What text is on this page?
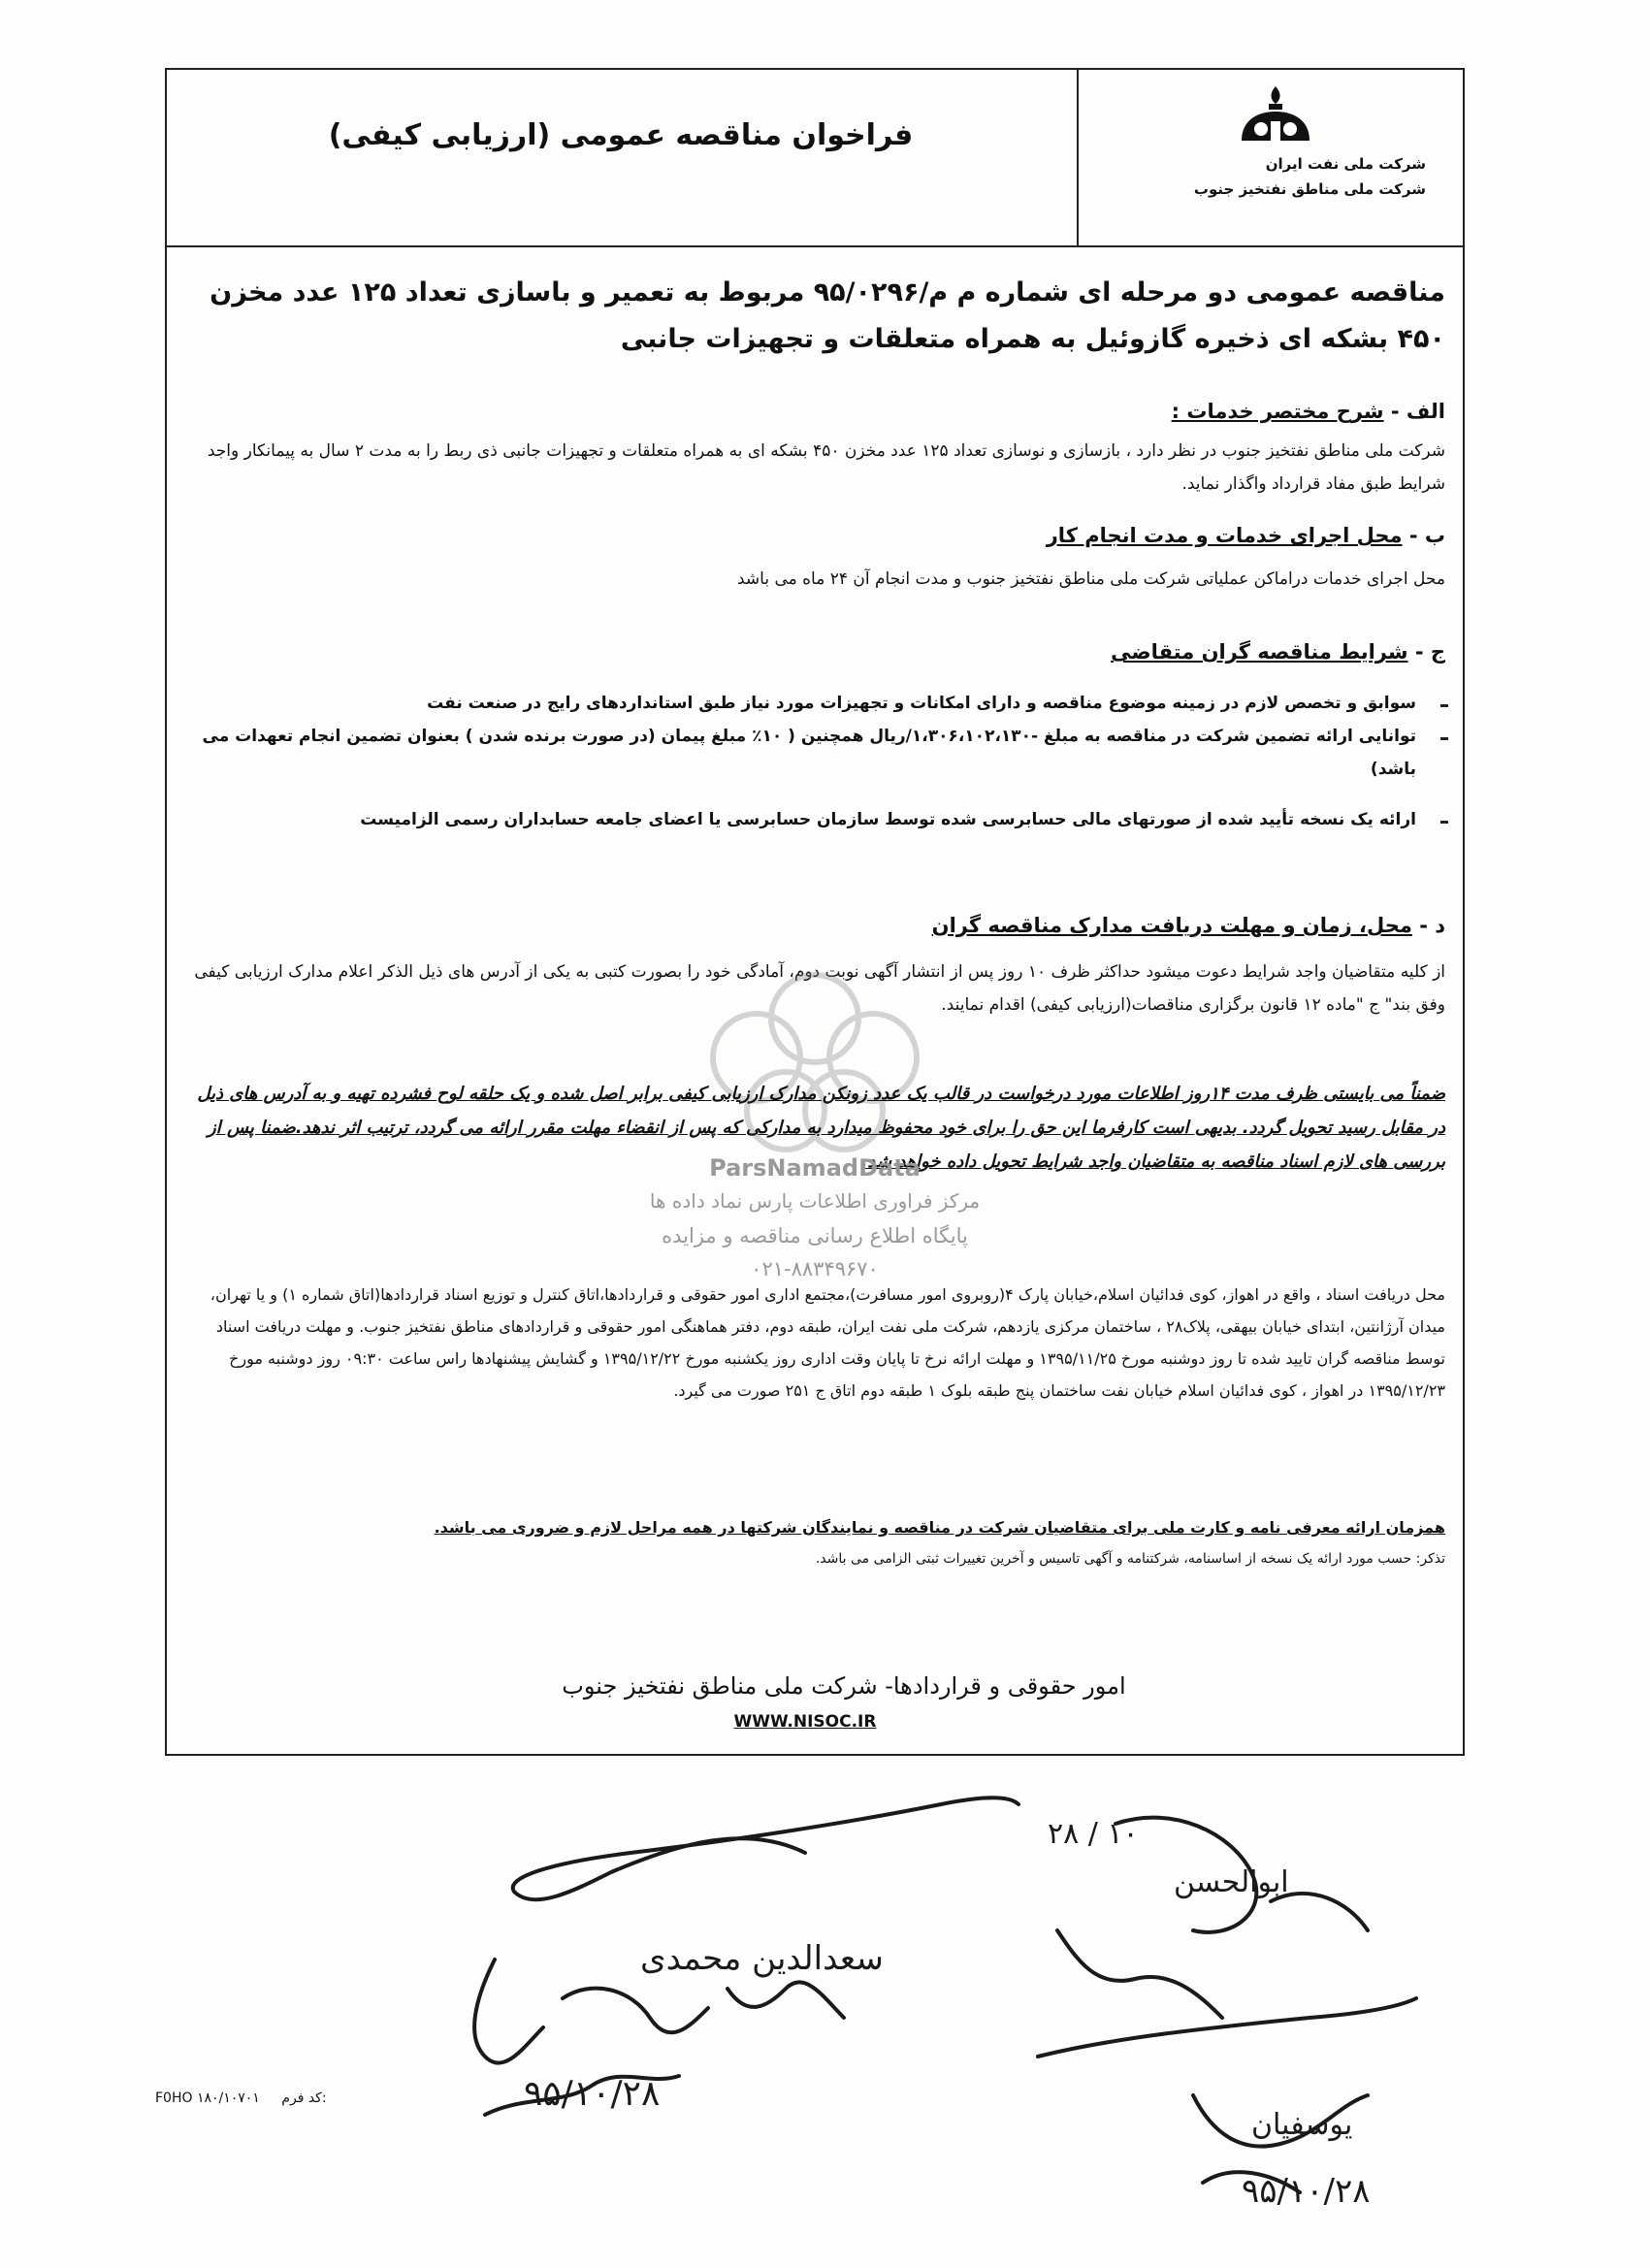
شرکت ملی نفت ایران
شرکت ملی مناطق نفتخیز جنوب
فراخوان مناقصه عمومی (ارزیابی کیفی)
مناقصه عمومی دو مرحله ای شماره م م/۹۵/۰۲۹۶ مربوط به تعمیر و باسازی تعداد ۱۲۵ عدد مخزن ۴۵۰ بشکه ای ذخیره گازوئیل به همراه متعلقات و تجهیزات جانبی
الف - شرح مختصر خدمات :
شرکت ملی مناطق نفتخیز جنوب در نظر دارد ، بازسازی و نوسازی تعداد ۱۲۵ عدد مخزن ۴۵۰ بشکه ای به همراه متعلقات و تجهیزات جانبی ذی ربط را به مدت ۲ سال به پیمانکار واجد شرایط طبق مفاد قرارداد واگذار نماید.
ب - محل اجرای خدمات و مدت انجام کار
محل اجرای خدمات دراماکن عملیاتی شرکت ملی مناطق نفتخیز جنوب و مدت انجام آن ۲۴ ماه می باشد
ج - شرایط مناقصه گران متقاضی
سوابق و تخصص لازم در زمینه موضوع مناقصه و دارای امکانات و تجهیزات مورد نیاز طبق استانداردهای رایج در صنعت نفت
توانایی ارائه تضمین شرکت در مناقصه به مبلغ -۱،۳۰۶،۱۰۲،۱۳۰/ریال همچنین ( ۱۰٪ مبلغ پیمان (در صورت برنده شدن ) بعنوان تضمین انجام تعهدات می باشد)
ارائه یک نسخه تأیید شده از صورتهای مالی حسابرسی شده توسط سازمان حسابرسی یا اعضای جامعه حسابداران رسمی الزامیست
د - محل، زمان و مهلت دریافت مدارک مناقصه گران
از کلیه متقاضیان واجد شرایط دعوت میشود حداکثر ظرف ۱۰ روز پس از انتشار آگهی نوبت دوم، آمادگی خود را بصورت کتبی به یکی از آدرس های ذیل الذکر اعلام مدارک ارزیابی کیفی وفق بند" ج "ماده ۱۲ قانون برگزاری مناقصات(ارزیابی کیفی) اقدام نمایند.
ضمناً می بایستی ظرف مدت ۱۴روز اطلاعات مورد درخواست در قالب یک عدد زونکن مدارک ارزیابی کیفی برابر اصل شده و یک حلقه لوح فشرده تهیه و به آدرس های ذیل در مقابل رسید تحویل گردد. بدیهی است کارفرما این حق را برای خود محفوظ میدارد به مدارکی که پس از انقضاء مهلت مقرر ارائه می گردد، ترتیب اثر ندهد.ضمنا پس از بررسی های لازم اسناد مناقصه به متقاضیان واجد شرایط تحویل داده خواهد شد.
ParsNamadData
مرکز فراوری اطلاعات پارس نماد داده ها
پایگاه اطلاع رسانی مناقصه و مزایده
۰۲۱-۸۸۳۴۹۶۷۰
محل دریافت اسناد ، واقع در اهواز، کوی فدائیان اسلام،خیابان پارک ۴(روبروی امور مسافرت)،مجتمع اداری امور حقوقی و قراردادها،اتاق کنترل و توزیع اسناد قراردادها(اتاق شماره ۱) و یا تهران، میدان آرژانتین، ابتدای خیابان بیهقی، پلاک۲۸ ، ساختمان مرکزی یازدهم، شرکت ملی نفت ایران، طبقه دوم، دفتر هماهنگی امور حقوقی و قراردادهای مناطق نفتخیز جنوب. و مهلت دریافت اسناد توسط مناقصه گران تایید شده تا روز دوشنبه مورخ ۱۳۹۵/۱۱/۲۵ و مهلت ارائه نرخ تا پایان وقت اداری روز یکشنبه مورخ ۱۳۹۵/۱۲/۲۲ و گشایش پیشنهادها راس ساعت ۰۹:۳۰ روز دوشنبه مورخ ۱۳۹۵/۱۲/۲۳ در اهواز ، کوی فدائیان اسلام خیابان نفت ساختمان پنج طبقه بلوک ۱ طبقه دوم اتاق ج ۲۵۱ صورت می گیرد.
همزمان ارائه معرفی نامه و کارت ملی برای متقاضیان شرکت در مناقصه و نمایندگان شرکتها در همه مراحل لازم و ضروری می باشد.
تذکر: حسب مورد ارائه یک نسخه از اساسنامه، شرکتنامه و آگهی تاسیس و آخرین تغییرات ثبتی الزامی می باشد.
امور حقوقی و قراردادها- شرکت ملی مناطق نفتخیز جنوب
WWW.NISOC.IR
ابوالحسن
سعدالدین محمدی
یوسفیان
۹۵/۱۰/۲۸
۹۵/۱۰/۲۸
۲۸ / ۱۰
F0HO ۱۸۰/۱۰۷۰۱ کد فرم:
